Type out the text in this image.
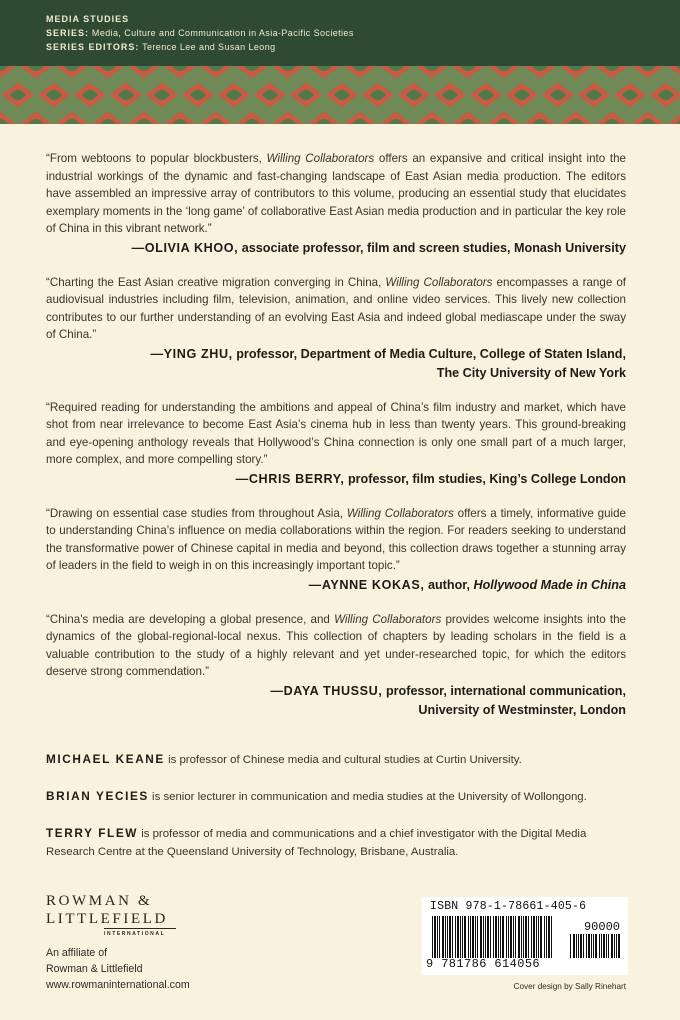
MEDIA STUDIES
SERIES: Media, Culture and Communication in Asia-Pacific Societies
SERIES EDITORS: Terence Lee and Susan Leong

“From webtoons to popular blockbusters, Willing Collaborators offers an expansive and critical insight into the industrial workings of the dynamic and fast-changing landscape of East Asian media production. The editors have assembled an impressive array of contributors to this volume, producing an essential study that elucidates exemplary moments in the ‘long game’ of collaborative East Asian media production and in particular the key role of China in this vibrant network.”

—OLIVIA KHOO, associate professor, film and screen studies, Monash University

“Charting the East Asian creative migration converging in China, Willing Collaborators encompasses a range of audiovisual industries including film, television, animation, and online video services. This lively new collection contributes to our further understanding of an evolving East Asia and indeed global mediascape under the sway of China.”

—YING ZHU, professor, Department of Media Culture, College of Staten Island,
The City University of New York

“Required reading for understanding the ambitions and appeal of China’s film industry and market, which have shot from near irrelevance to become East Asia’s cinema hub in less than twenty years. This ground-breaking and eye-opening anthology reveals that Hollywood’s China connection is only one small part of a much larger, more complex, and more compelling story.”

—CHRIS BERRY, professor, film studies, King’s College London

“Drawing on essential case studies from throughout Asia, Willing Collaborators offers a timely, informative guide to understanding China’s influence on media collaborations within the region. For readers seeking to understand the transformative power of Chinese capital in media and beyond, this collection draws together a stunning array of leaders in the field to weigh in on this increasingly important topic.”

—AYNNE KOKAS, author, Hollywood Made in China

“China’s media are developing a global presence, and Willing Collaborators provides welcome insights into the dynamics of the global-regional-local nexus. This collection of chapters by leading scholars in the field is a valuable contribution to the study of a highly relevant and yet under-researched topic, for which the editors deserve strong commendation.”

—DAYA THUSSU, professor, international communication,
University of Westminster, London

MICHAEL KEANE is professor of Chinese media and cultural studies at Curtin University.

BRIAN YECIES is senior lecturer in communication and media studies at the University of Wollongong.

TERRY FLEW is professor of media and communications and a chief investigator with the Digital Media Research Centre at the Queensland University of Technology, Brisbane, Australia.

ROWMAN &
LITTLEFIELD
INTERNATIONAL
An affiliate of
Rowman & Littlefield
www.rowmaninternational.com
ISBN 978-1-78661-405-6
90000
9 781786 614056
Cover design by Sally Rinehart
